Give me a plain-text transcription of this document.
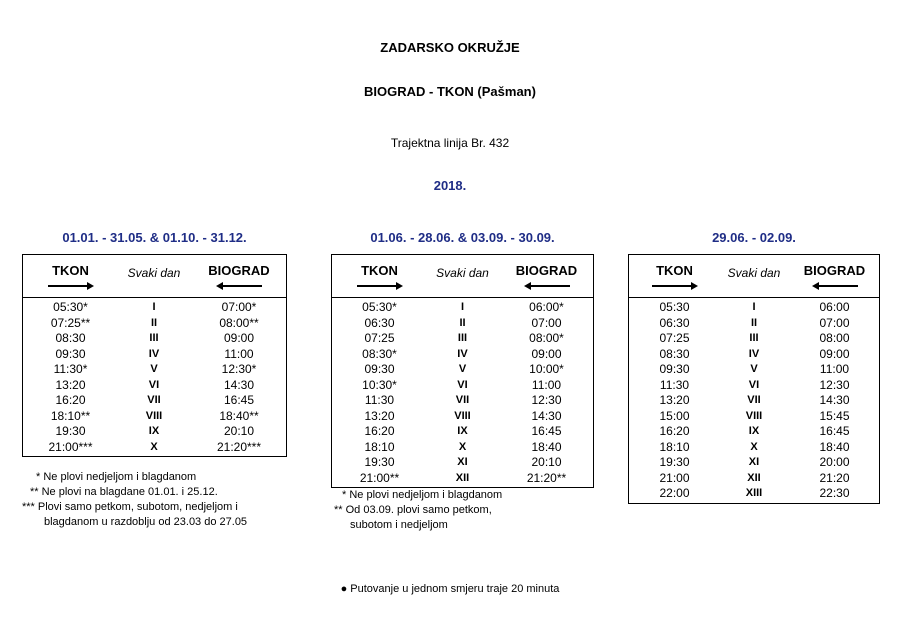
ZADARSKO OKRUŽJE
BIOGRAD - TKON (Pašman)
Trajektna linija Br. 432
2018.
01.01. - 31.05. & 01.10. - 31.12.
TKON	Svaki dan	BIOGRAD
05:30*	I	07:00*
07:25**	II	08:00**
08:30	III	09:00
09:30	IV	11:00
11:30*	V	12:30*
13:20	VI	14:30
16:20	VII	16:45
18:10**	VIII	18:40**
19:30	IX	20:10
21:00***	X	21:20***
* Ne plovi nedjeljom i blagdanom
** Ne plovi na blagdane 01.01. i 25.12.
*** Plovi samo petkom, subotom, nedjeljom i
blagdanom u razdoblju od 23.03 do 27.05
01.06. - 28.06. & 03.09. - 30.09.
TKON	Svaki dan	BIOGRAD
05:30*	I	06:00*
06:30	II	07:00
07:25	III	08:00*
08:30*	IV	09:00
09:30	V	10:00*
10:30*	VI	11:00
11:30	VII	12:30
13:20	VIII	14:30
16:20	IX	16:45
18:10	X	18:40
19:30	XI	20:10
21:00**	XII	21:20**
* Ne plovi nedjeljom i blagdanom
** Od 03.09. plovi samo petkom,
subotom i nedjeljom
29.06. - 02.09.
TKON	Svaki dan	BIOGRAD
05:30	I	06:00
06:30	II	07:00
07:25	III	08:00
08:30	IV	09:00
09:30	V	11:00
11:30	VI	12:30
13:20	VII	14:30
15:00	VIII	15:45
16:20	IX	16:45
18:10	X	18:40
19:30	XI	20:00
21:00	XII	21:20
22:00	XIII	22:30
● Putovanje u jednom smjeru traje 20 minuta
